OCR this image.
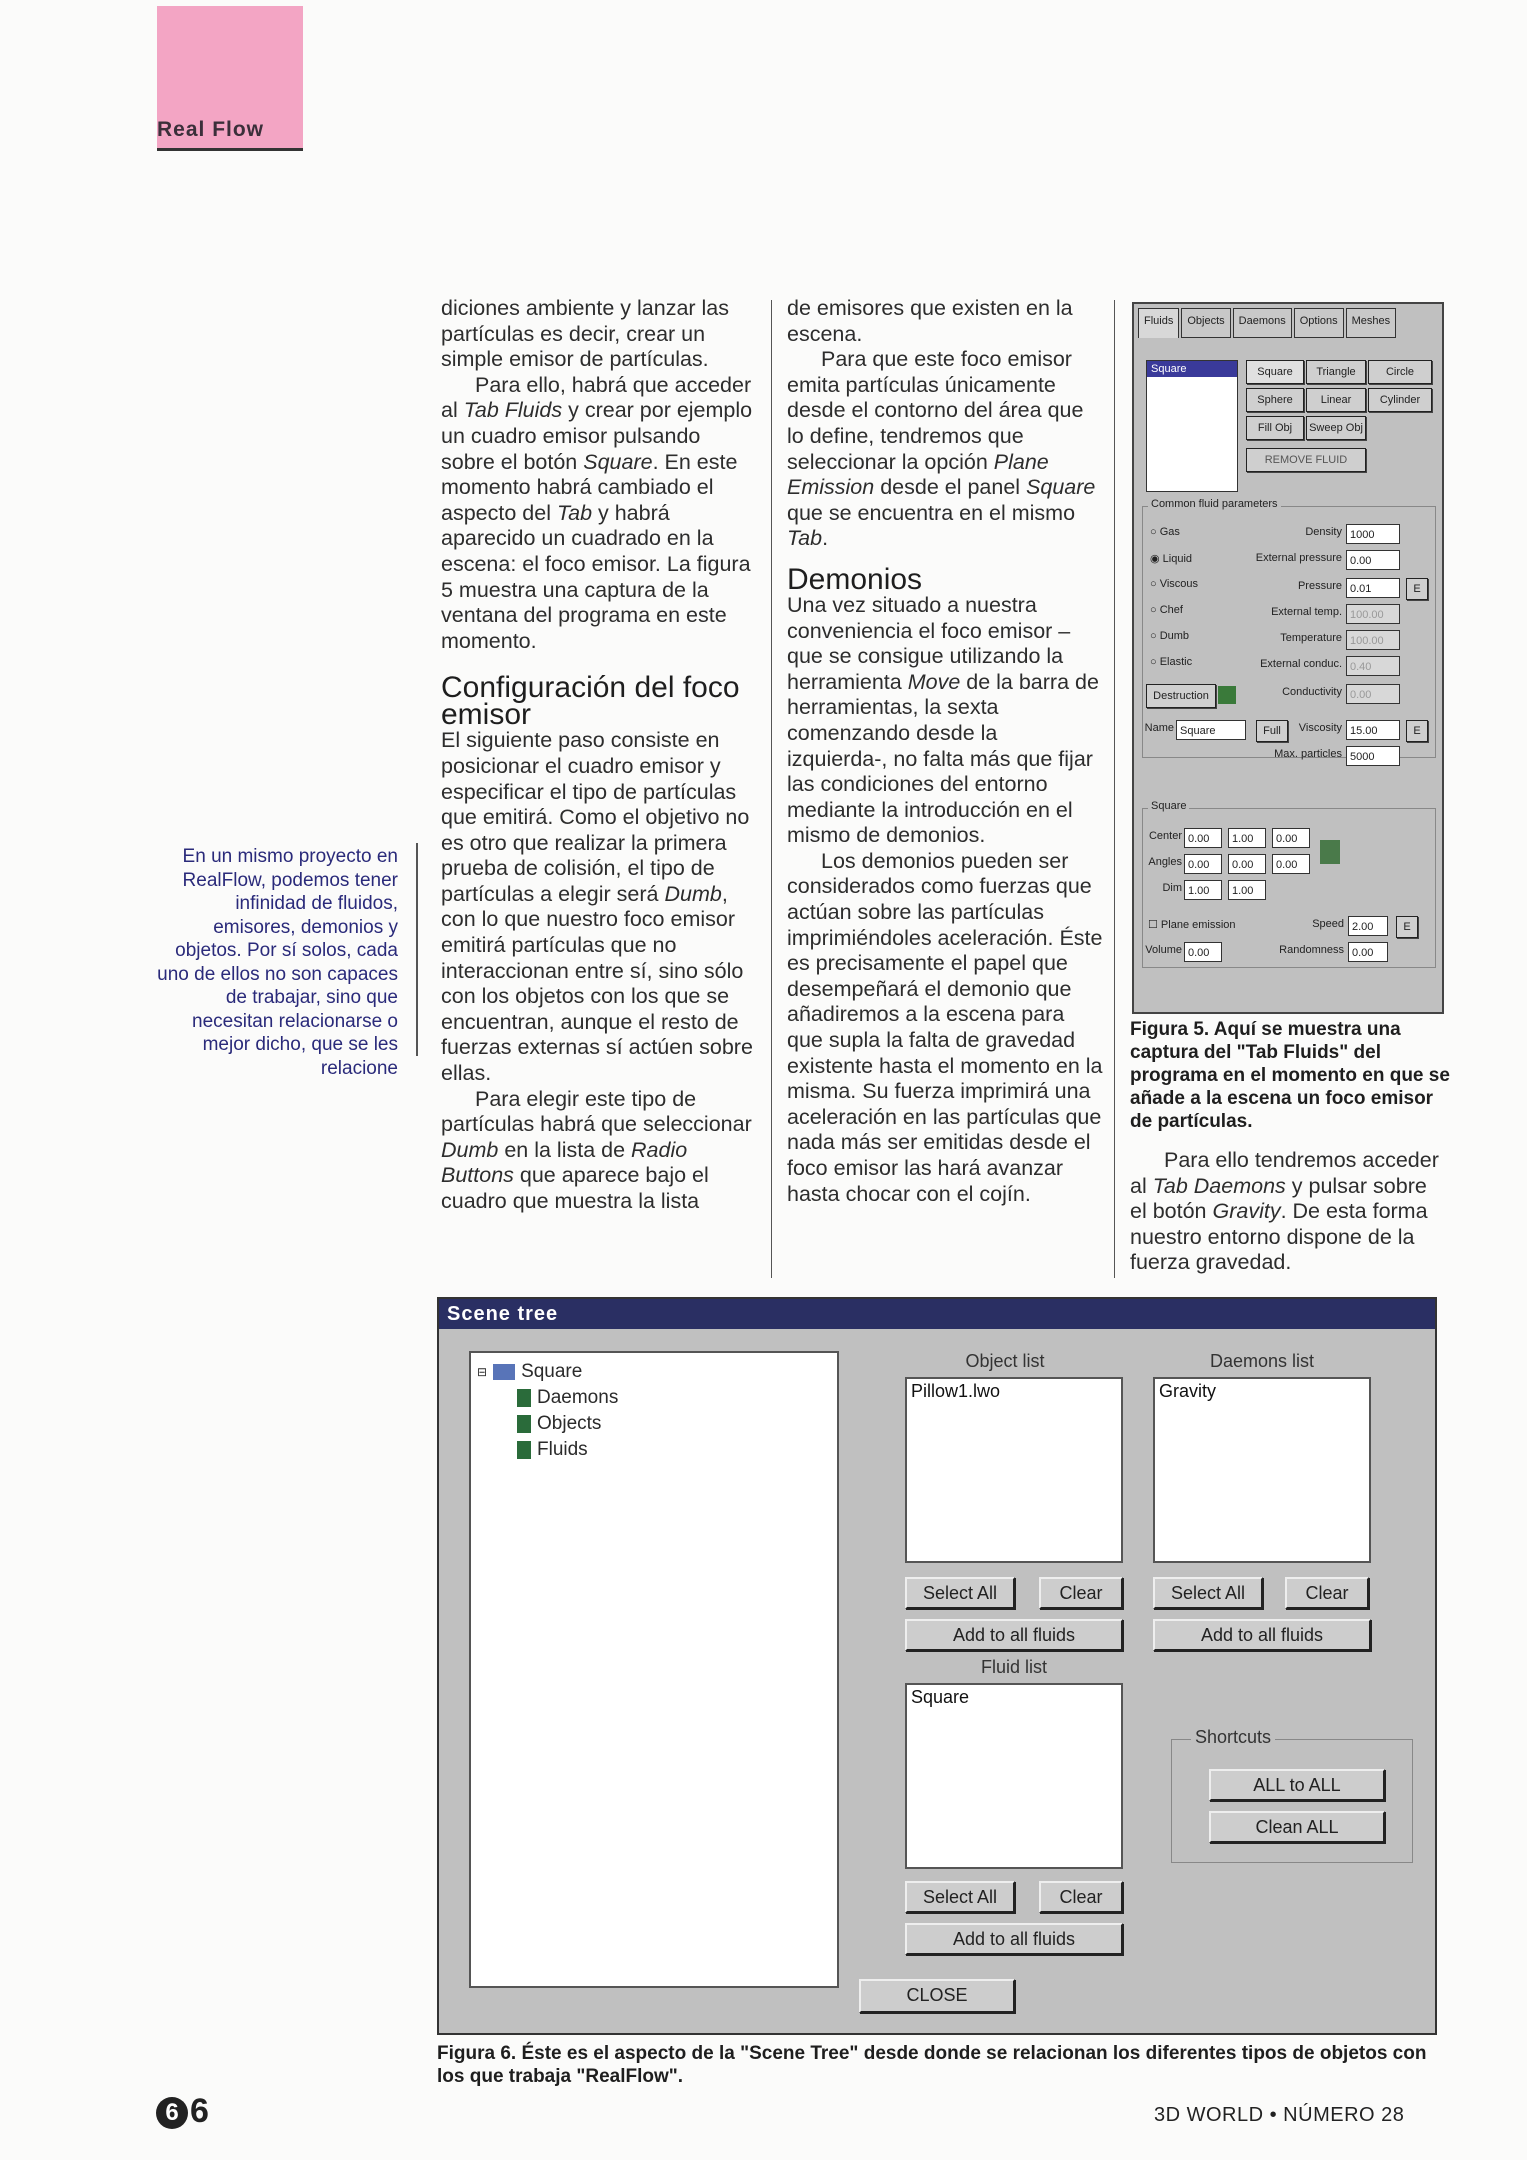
Real Flow
En un mismo proyecto en RealFlow, podemos tener infinidad de fluidos, emisores, demonios y objetos. Por sí solos, cada uno de ellos no son capaces de trabajar, sino que necesitan relacionarse o mejor dicho, que se les relacione

diciones ambiente y lanzar las partículas es decir, crear un simple emisor de partículas.

Para ello, habrá que acceder al Tab Fluids y crear por ejemplo un cuadro emisor pulsando sobre el botón Square. En este momento habrá cambiado el aspecto del Tab y habrá aparecido un cuadrado en la escena: el foco emisor. La figura 5 muestra una captura de la ventana del programa en este momento.

Configuración del foco emisor

El siguiente paso consiste en posicionar el cuadro emisor y especificar el tipo de partículas que emitirá. Como el objetivo no es otro que realizar la primera prueba de colisión, el tipo de partículas a elegir será Dumb, con lo que nuestro foco emisor emitirá partículas que no interaccionan entre sí, sino sólo con los objetos con los que se encuentran, aunque el resto de fuerzas externas sí actúen sobre ellas.

Para elegir este tipo de partículas habrá que seleccionar Dumb en la lista de Radio Buttons que aparece bajo el cuadro que muestra la lista

de emisores que existen en la escena.

Para que este foco emisor emita partículas únicamente desde el contorno del área que lo define, tendremos que seleccionar la opción Plane Emission desde el panel Square que se encuentra en el mismo Tab.

Demonios

Una vez situado a nuestra conveniencia el foco emisor –que se consigue utilizando la herramienta Move de la barra de herramientas, la sexta comenzando desde la izquierda-, no falta más que fijar las condiciones del entorno mediante la introducción en el mismo de demonios.

Los demonios pueden ser considerados como fuerzas que actúan sobre las partículas imprimiéndoles aceleración. Éste es precisamente el papel que desempeñará el demonio que añadiremos a la escena para que supla la falta de gravedad existente hasta el momento en la misma. Su fuerza imprimirá una aceleración en las partículas que nada más ser emitidas desde el foco emisor las hará avanzar hasta chocar con el cojín.

Fluids	Objects	Daemons	Options	Meshes
Square	Square	Triangle	Circle
Sphere	Linear	Cylinder
Fill Obj	Sweep Obj
REMOVE FLUID
Common fluid parameters
○ Gas
◉ Liquid
○ Viscous
○ Chef
○ Dumb
○ Elastic
Density 1000
External pressure 0.00
Pressure 0.01	E
External temp. 100.00
Temperature 100.00
External conduc. 0.40
Destruction	Conductivity 0.00
Name Square	Full	Viscosity 15.00	E
Max. particles 5000
Square
Center 0.00	1.00	0.00
Angles 0.00	0.00	0.00
Dim 1.00	1.00
☐ Plane emission	Speed 2.00	E
Volume 0.00	Randomness 0.00
Figura 5. Aquí se muestra una captura del "Tab Fluids" del programa en el momento en que se añade a la escena un foco emisor de partículas.

Para ello tendremos acceder al Tab Daemons y pulsar sobre el botón Gravity. De esta forma nuestro entorno dispone de la fuerza gravedad.

Scene tree
⊟ Square
Daemons
Objects
Fluids
Object list
Pillow1.lwo
Select All	Clear
Add to all fluids
Daemons list
Gravity
Select All	Clear
Add to all fluids
Fluid list
Square
Select All	Clear
Add to all fluids
Shortcuts
ALL to ALL
Clean ALL
CLOSE
Figura 6. Éste es el aspecto de la "Scene Tree" desde donde se relacionan los diferentes tipos de objetos con los que trabaja "RealFlow".
6 6	3D WORLD • NÚMERO 28
